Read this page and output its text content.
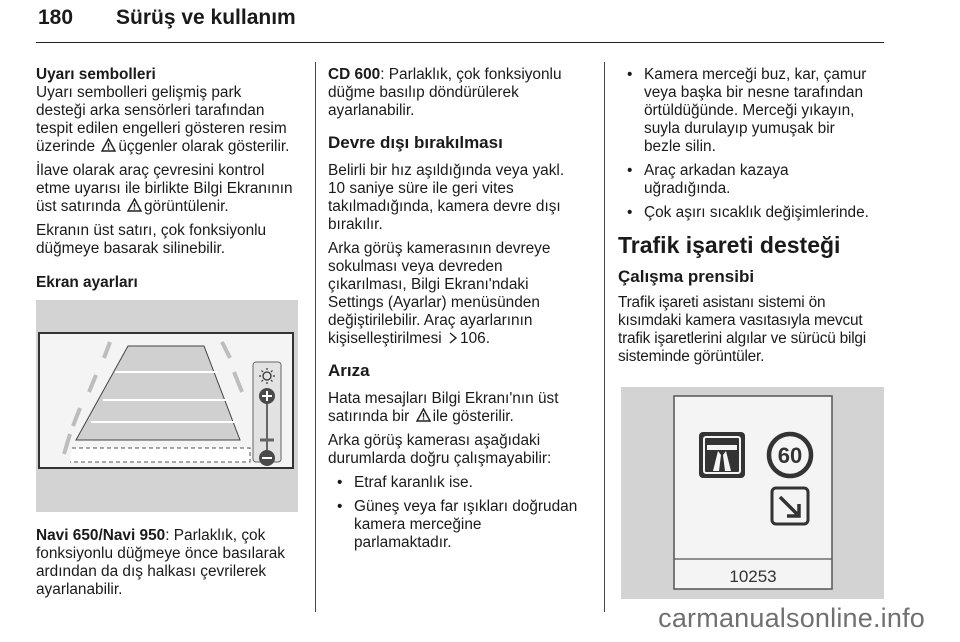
180 Sürüş ve kullanım

Uyarı sembolleri

Uyarı sembolleri gelişmiş park
desteği arka sensörleri tarafından
tespit edilen engelleri gösteren resim
üzerinde üçgenler olarak gösterilir.

İlave olarak araç çevresini kontrol
etme uyarısı ile birlikte Bilgi Ekranının
üst satırında görüntülenir.

Ekranın üst satırı, çok fonksiyonlu
düğmeye basarak silinebilir.

Ekran ayarları

Navi 650/Navi 950: Parlaklık, çok
fonksiyonlu düğmeye önce basılarak
ardından da dış halkası çevrilerek
ayarlanabilir.

CD 600: Parlaklık, çok fonksiyonlu
düğme basılıp döndürülerek
ayarlanabilir.

Devre dışı bırakılması

Belirli bir hız aşıldığında veya yakl.
10 saniye süre ile geri vites
takılmadığında, kamera devre dışı
bırakılır.

Arka görüş kamerasının devreye
sokulması veya devreden
çıkarılması, Bilgi Ekranı'ndaki
Settings (Ayarlar) menüsünden
değiştirilebilir. Araç ayarlarının
kişiselleştirilmesi 106.

Arıza

Hata mesajları Bilgi Ekranı'nın üst
satırında bir ile gösterilir.

Arka görüş kamerası aşağıdaki
durumlarda doğru çalışmayabilir:

• Etraf karanlık ise.

• Güneş veya far ışıkları doğrudan
kamera merceğine
parlamaktadır.

• Kamera merceği buz, kar, çamur
veya başka bir nesne tarafından
örtüldüğünde. Merceği yıkayın,
suyla durulayıp yumuşak bir
bezle silin.

• Araç arkadan kazaya
uğradığında.

• Çok aşırı sıcaklık değişimlerinde.

Trafik işareti desteği

Çalışma prensibi

Trafik işareti asistanı sistemi ön
kısımdaki kamera vasıtasıyla mevcut
trafik işaretlerini algılar ve sürücü bilgi
sisteminde görüntüler.

60
10253
carmanualsonline.info
